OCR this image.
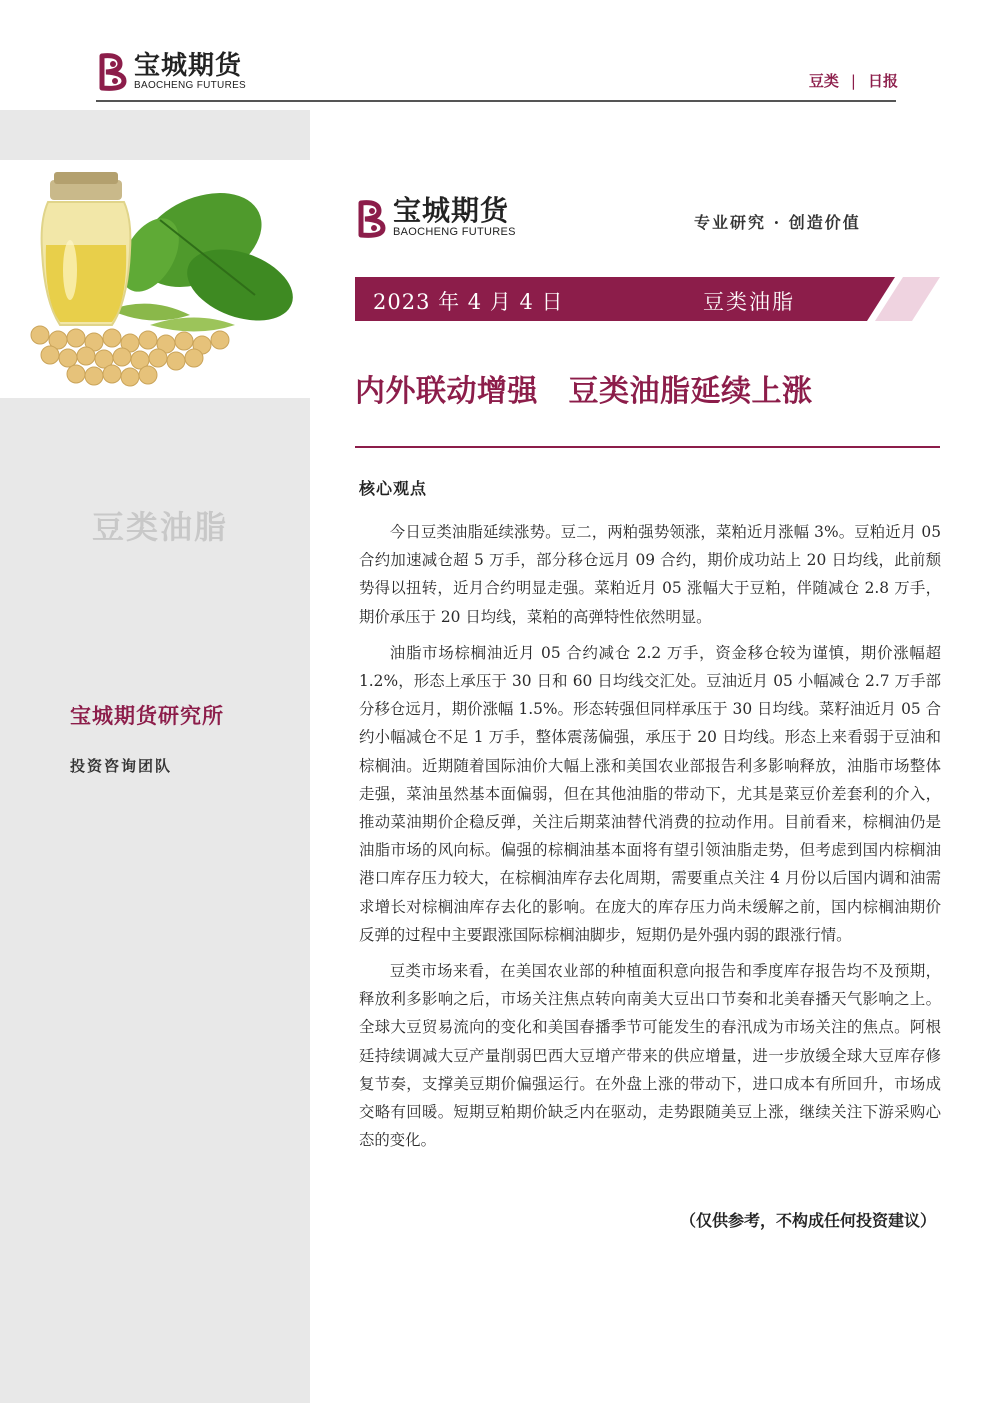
宝城期货
BAOCHENG FUTURES	豆类 | 日报
豆类油脂
宝城期货研究所
投资咨询团队
宝城期货
BAOCHENG FUTURES	专业研究 · 创造价值
2023 年 4 月 4 日	豆类油脂
内外联动增强　豆类油脂延续上涨
核心观点

今日豆类油脂延续涨势。豆二，两粕强势领涨，菜粕近月涨幅 3%。豆粕近月 05 合约加速减仓超 5 万手，部分移仓远月 09 合约，期价成功站上 20 日均线，此前颓势得以扭转，近月合约明显走强。菜粕近月 05 涨幅大于豆粕，伴随减仓 2.8 万手，期价承压于 20 日均线，菜粕的高弹特性依然明显。

油脂市场棕榈油近月 05 合约减仓 2.2 万手，资金移仓较为谨慎，期价涨幅超 1.2%，形态上承压于 30 日和 60 日均线交汇处。豆油近月 05 小幅减仓 2.7 万手部分移仓远月，期价涨幅 1.5%。形态转强但同样承压于 30 日均线。菜籽油近月 05 合约小幅减仓不足 1 万手，整体震荡偏强，承压于 20 日均线。形态上来看弱于豆油和棕榈油。近期随着国际油价大幅上涨和美国农业部报告利多影响释放，油脂市场整体走强，菜油虽然基本面偏弱，但在其他油脂的带动下，尤其是菜豆价差套利的介入，推动菜油期价企稳反弹，关注后期菜油替代消费的拉动作用。目前看来，棕榈油仍是油脂市场的风向标。偏强的棕榈油基本面将有望引领油脂走势，但考虑到国内棕榈油港口库存压力较大，在棕榈油库存去化周期，需要重点关注 4 月份以后国内调和油需求增长对棕榈油库存去化的影响。在庞大的库存压力尚未缓解之前，国内棕榈油期价反弹的过程中主要跟涨国际棕榈油脚步，短期仍是外强内弱的跟涨行情。

豆类市场来看，在美国农业部的种植面积意向报告和季度库存报告均不及预期，释放利多影响之后，市场关注焦点转向南美大豆出口节奏和北美春播天气影响之上。全球大豆贸易流向的变化和美国春播季节可能发生的春汛成为市场关注的焦点。阿根廷持续调减大豆产量削弱巴西大豆增产带来的供应增量，进一步放缓全球大豆库存修复节奏，支撑美豆期价偏强运行。在外盘上涨的带动下，进口成本有所回升，市场成交略有回暖。短期豆粕期价缺乏内在驱动，走势跟随美豆上涨，继续关注下游采购心态的变化。

（仅供参考，不构成任何投资建议）
